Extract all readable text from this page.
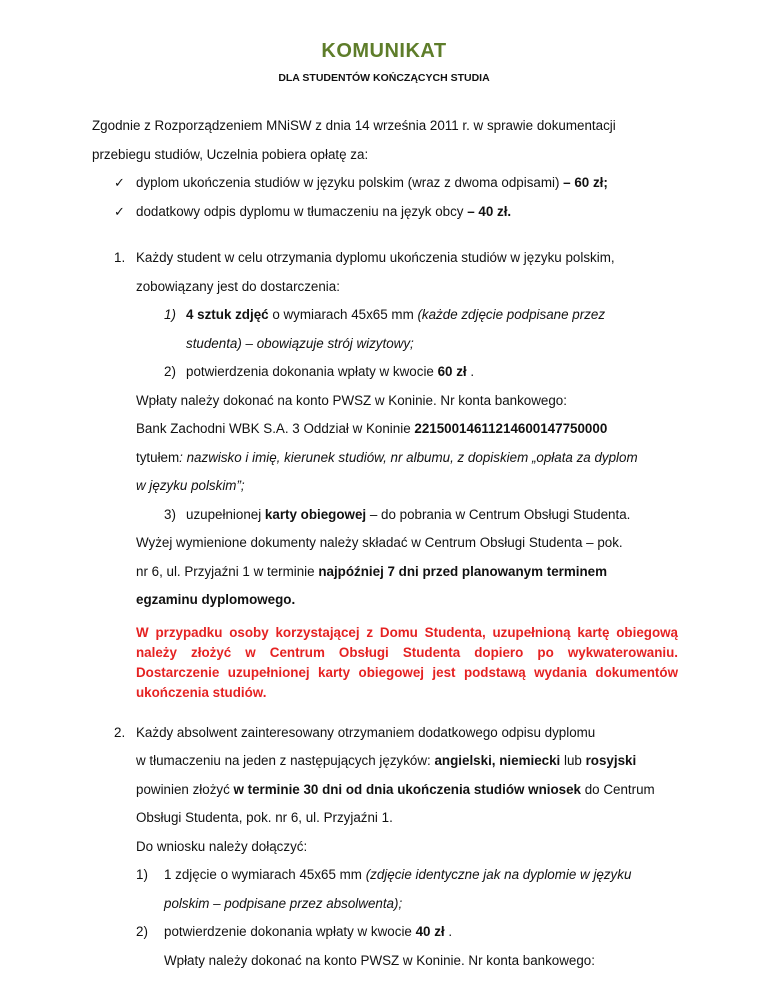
KOMUNIKAT
DLA STUDENTÓW KOŃCZĄCYCH STUDIA

Zgodnie z Rozporządzeniem MNiSW z dnia 14 września 2011 r. w sprawie dokumentacji

przebiegu studiów, Uczelnia pobiera opłatę za:

✓ dyplom ukończenia studiów w języku polskim (wraz z dwoma odpisami) – 60 zł;

✓ dodatkowy odpis dyplomu w tłumaczeniu na język obcy – 40 zł.

1. Każdy student w celu otrzymania dyplomu ukończenia studiów w języku polskim,

zobowiązany jest do dostarczenia:

1) 4 sztuk zdjęć o wymiarach 45x65 mm (każde zdjęcie podpisane przez

studenta) – obowiązuje strój wizytowy;

2) potwierdzenia dokonania wpłaty w kwocie 60 zł .

Wpłaty należy dokonać na konto PWSZ w Koninie. Nr konta bankowego:

Bank Zachodni WBK S.A. 3 Oddział w Koninie 22150014611214600147750000

tytułem: nazwisko i imię, kierunek studiów, nr albumu, z dopiskiem „opłata za dyplom

w języku polskim”;

3) uzupełnionej karty obiegowej – do pobrania w Centrum Obsługi Studenta.

Wyżej wymienione dokumenty należy składać w Centrum Obsługi Studenta – pok.

nr 6, ul. Przyjaźni 1 w terminie najpóźniej 7 dni przed planowanym terminem

egzaminu dyplomowego.

W przypadku osoby korzystającej z Domu Studenta, uzupełnioną kartę obiegową należy złożyć w Centrum Obsługi Studenta dopiero po wykwaterowaniu. Dostarczenie uzupełnionej karty obiegowej jest podstawą wydania dokumentów ukończenia studiów.

2. Każdy absolwent zainteresowany otrzymaniem dodatkowego odpisu dyplomu

w tłumaczeniu na jeden z następujących języków: angielski, niemiecki lub rosyjski

powinien złożyć w terminie 30 dni od dnia ukończenia studiów wniosek do Centrum

Obsługi Studenta, pok. nr 6, ul. Przyjaźni 1.

Do wniosku należy dołączyć:

1) 1 zdjęcie o wymiarach 45x65 mm (zdjęcie identyczne jak na dyplomie w języku

polskim – podpisane przez absolwenta);

2) potwierdzenie dokonania wpłaty w kwocie 40 zł .

Wpłaty należy dokonać na konto PWSZ w Koninie. Nr konta bankowego:
